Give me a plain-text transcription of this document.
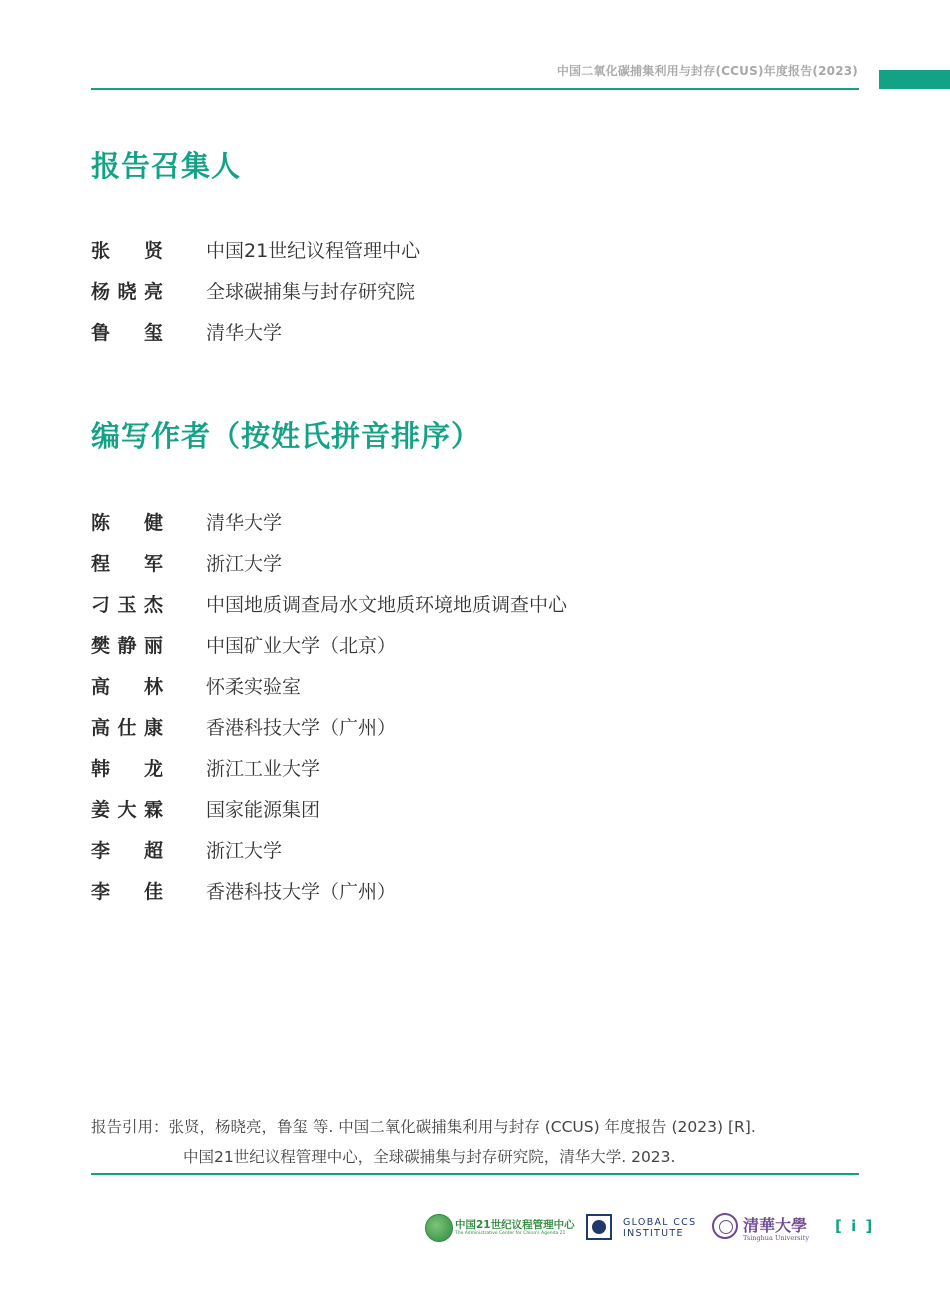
中国二氧化碳捕集利用与封存(CCUS)年度报告(2023)
报告召集人
张贤 中国21世纪议程管理中心
杨晓亮 全球碳捕集与封存研究院
鲁玺 清华大学
编写作者（按姓氏拼音排序）
陈健 清华大学
程军 浙江大学
刁玉杰 中国地质调查局水文地质环境地质调查中心
樊静丽 中国矿业大学（北京）
高林 怀柔实验室
高仕康 香港科技大学（广州）
韩龙 浙江工业大学
姜大霖 国家能源集团
李超 浙江大学
李佳 香港科技大学（广州）
报告引用：张贤，杨晓亮，鲁玺 等. 中国二氧化碳捕集利用与封存 (CCUS) 年度报告 (2023) [R].
中国21世纪议程管理中心，全球碳捕集与封存研究院，清华大学. 2023.
中国21世纪议程管理中心
The Administrative Center for China's Agenda 21
GLOBAL CCS
INSTITUTE	清華大學
Tsinghua University
[ i ]
